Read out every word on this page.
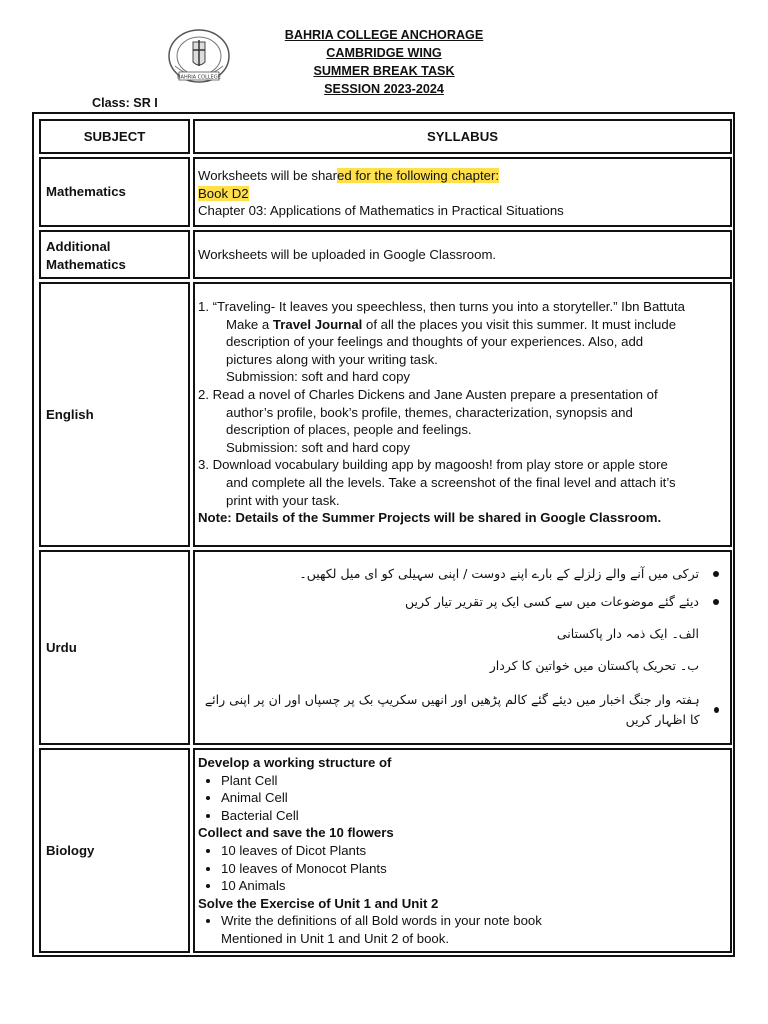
BAHRIA COLLEGE
BAHRIA COLLEGE ANCHORAGE
CAMBRIDGE WING
SUMMER BREAK TASK
SESSION 2023-2024
Class: SR I
SUBJECT	SYLLABUS
Mathematics
Worksheets will be shared for the following chapter:
Book D2
Chapter 03: Applications of Mathematics in Practical Situations
Additional
Mathematics
Worksheets will be uploaded in Google Classroom.
English
1. “Traveling- It leaves you speechless, then turns you into a storyteller.” Ibn Battuta
Make a Travel Journal of all the places you visit this summer. It must include
description of your feelings and thoughts of your experiences. Also, add
pictures along with your writing task.
Submission: soft and hard copy
2. Read a novel of Charles Dickens and Jane Austen prepare a presentation of
author’s profile, book’s profile, themes, characterization, synopsis and
description of places, people and feelings.
Submission: soft and hard copy
3. Download vocabulary building app by magoosh! from play store or apple store
and complete all the levels. Take a screenshot of the final level and attach it’s
print with your task.
Note: Details of the Summer Projects will be shared in Google Classroom.
Urdu
ترکی میں آنے والے زلزلے کے بارے اپنے دوست / اپنی سہیلی کو ای میل لکھیں۔
دیئے گئے موضوعات میں سے کسی ایک پر تقریر تیار کریں
الف۔ ایک ذمہ دار پاکستانی
ب۔ تحریک پاکستان میں خواتین کا کردار
ہفتہ وار جنگ اخبار میں دیئے گئے کالم پڑھیں اور انھیں سکریپ بک پر چسپاں اور ان پر اپنی رائے کا اظہار کریں
Biology
Develop a working structure of
• Plant Cell
• Animal Cell
• Bacterial Cell
Collect and save the 10 flowers
• 10 leaves of Dicot Plants
• 10 leaves of Monocot Plants
• 10 Animals
Solve the Exercise of Unit 1 and Unit 2
• Write the definitions of all Bold words in your note book
Mentioned in Unit 1 and Unit 2 of book.
